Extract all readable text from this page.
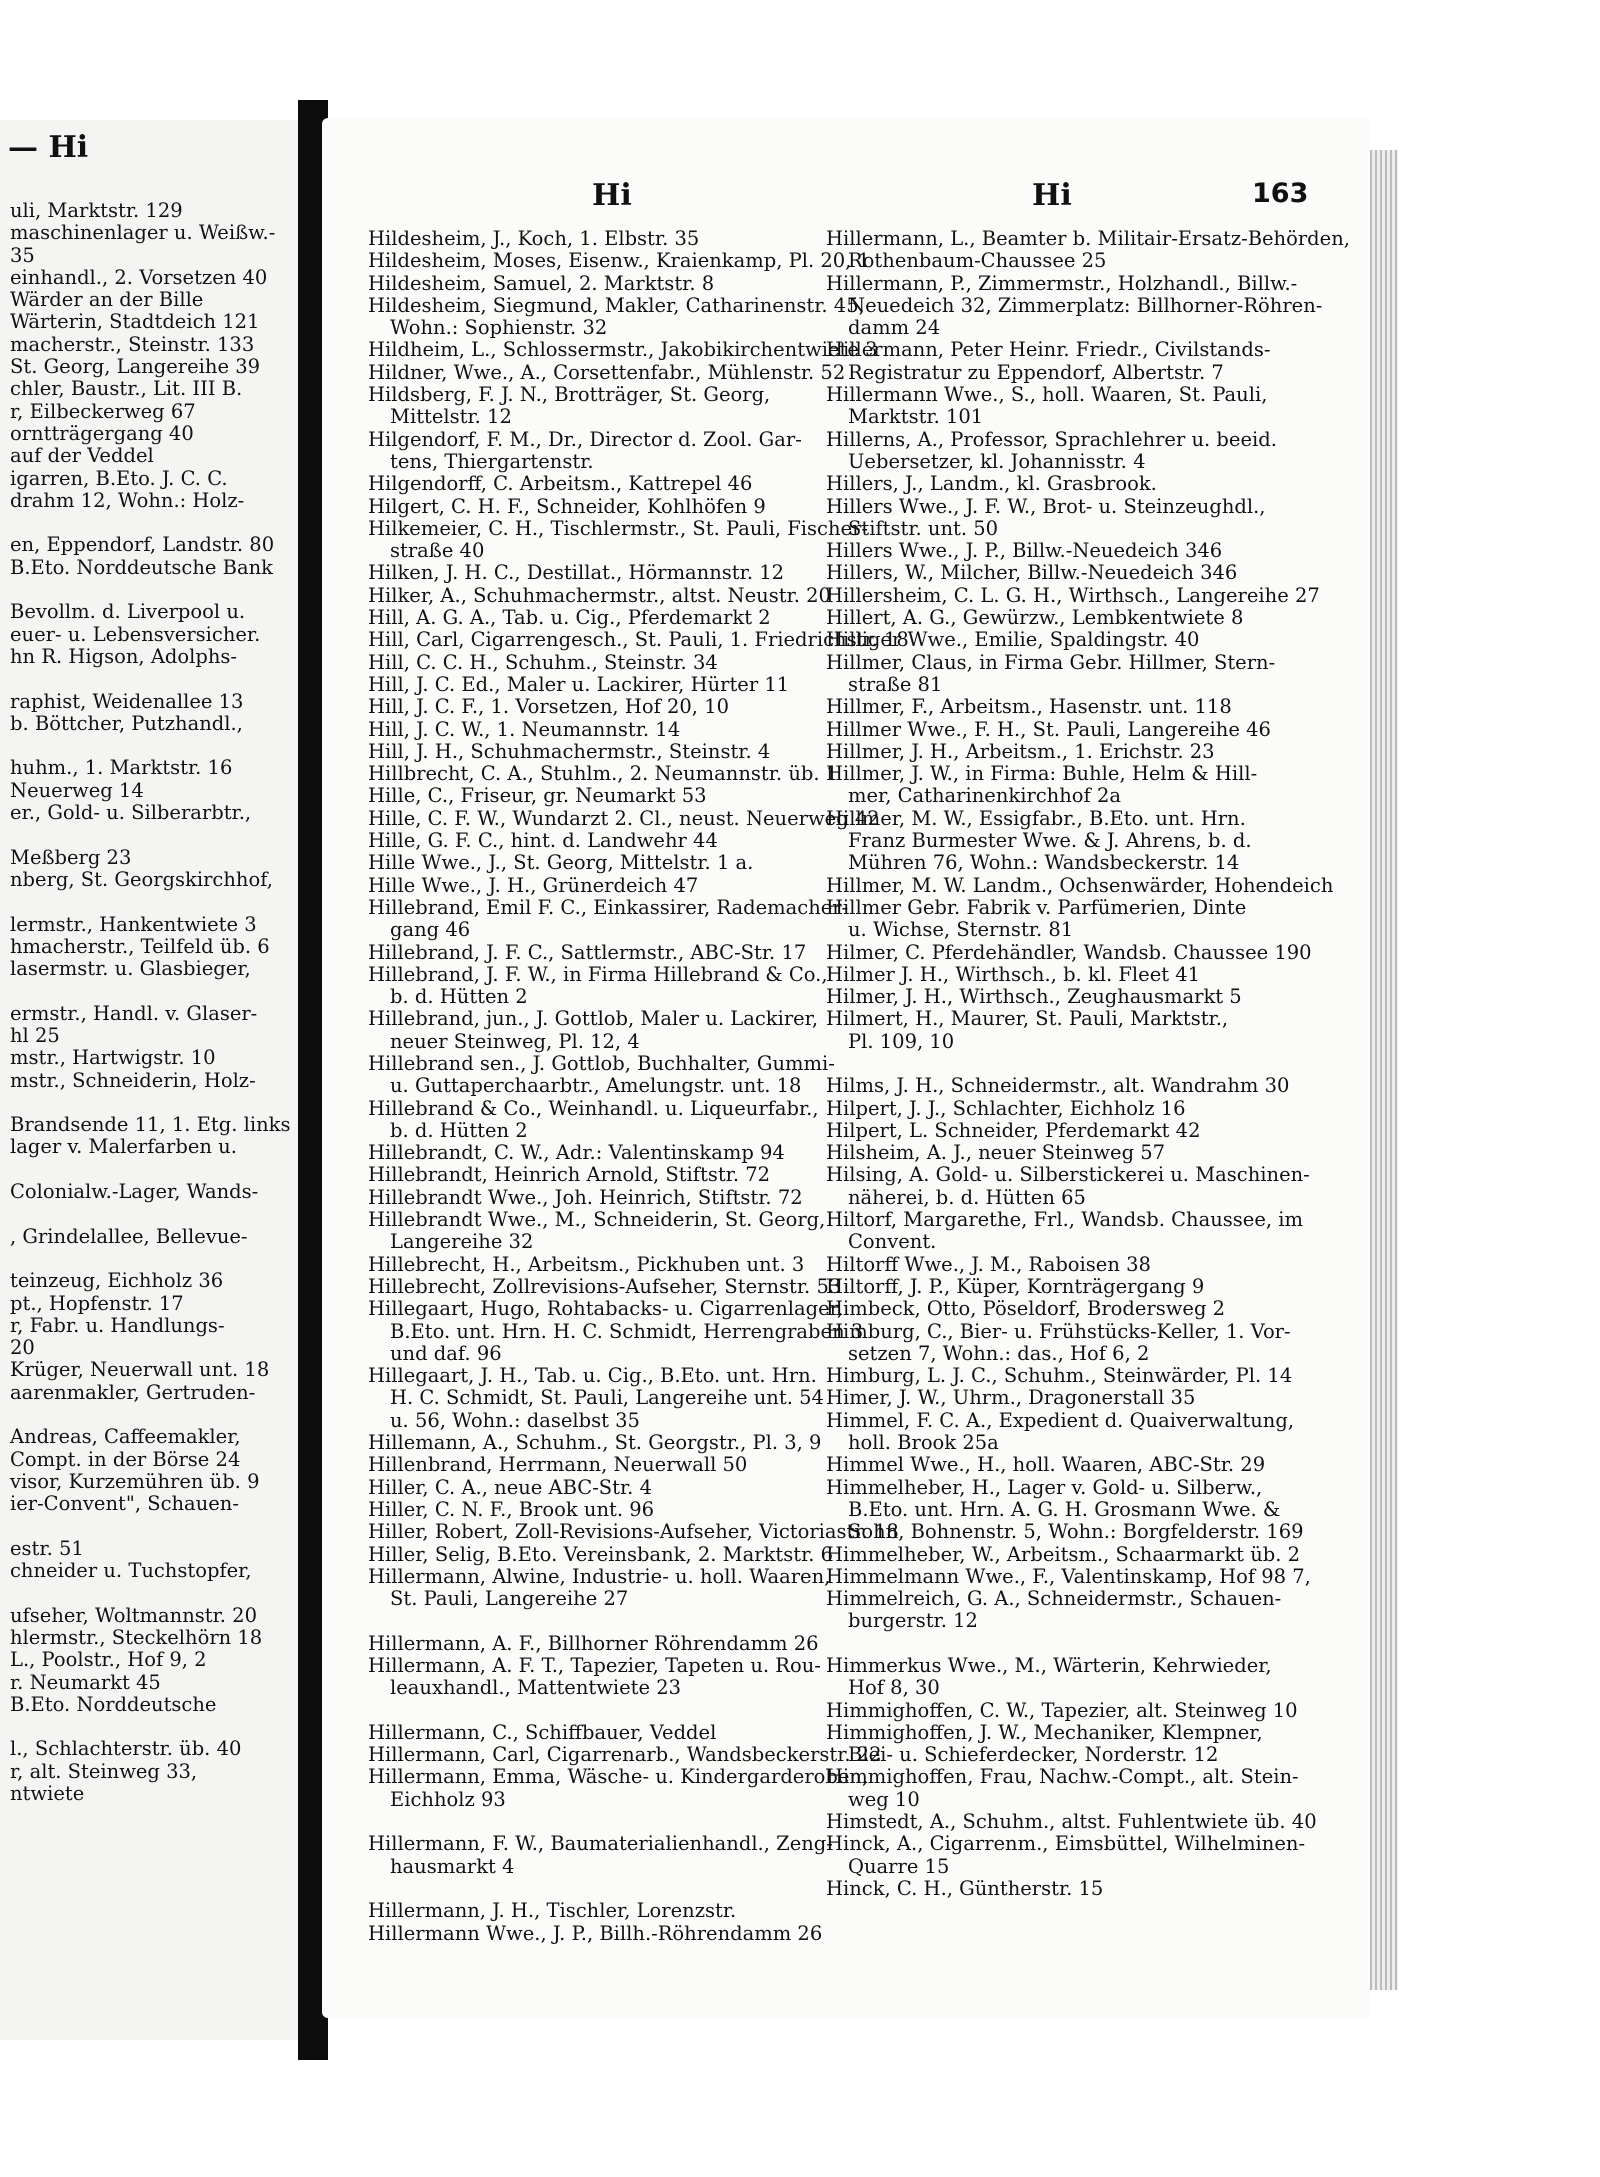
— Hi

uli, Marktstr. 129

maschinenlager u. Weißw.-

35

einhandl., 2. Vorsetzen 40

Wärder an der Bille

Wärterin, Stadtdeich 121

macherstr., Steinstr. 133

St. Georg, Langereihe 39

chler, Baustr., Lit. III B.

r, Eilbeckerweg 67

orntträgergang 40

auf der Veddel

igarren, B.Eto. J. C. C.

drahm 12, Wohn.: Holz-

en, Eppendorf, Landstr. 80

B.Eto. Norddeutsche Bank

Bevollm. d. Liverpool u.

euer- u. Lebensversicher.

hn R. Higson, Adolphs-

raphist, Weidenallee 13

b. Böttcher, Putzhandl.,

huhm., 1. Marktstr. 16

Neuerweg 14

er., Gold- u. Silberarbtr.,

Meßberg 23

nberg, St. Georgskirchhof,

lermstr., Hankentwiete 3

hmacherstr., Teilfeld üb. 6

lasermstr. u. Glasbieger,

ermstr., Handl. v. Glaser-

hl 25

mstr., Hartwigstr. 10

mstr., Schneiderin, Holz-

Brandsende 11, 1. Etg. links

lager v. Malerfarben u.

Colonialw.-Lager, Wands-

, Grindelallee, Bellevue-

teinzeug, Eichholz 36

pt., Hopfenstr. 17

r, Fabr. u. Handlungs-

20

Krüger, Neuerwall unt. 18

aarenmakler, Gertruden-

Andreas, Caffeemakler,

Compt. in der Börse 24

visor, Kurzemühren üb. 9

ier-Convent", Schauen-

estr. 51

chneider u. Tuchstopfer,

ufseher, Woltmannstr. 20

hlermstr., Steckelhörn 18

L., Poolstr., Hof 9, 2

r. Neumarkt 45

B.Eto. Norddeutsche

l., Schlachterstr. üb. 40

r, alt. Steinweg 33,

ntwiete

Hi	Hi	163

Hildesheim, J., Koch, 1. Elbstr. 35

Hildesheim, Moses, Eisenw., Kraienkamp, Pl. 20, 1

Hildesheim, Samuel, 2. Marktstr. 8

Hildesheim, Siegmund, Makler, Catharinenstr. 45,

Wohn.: Sophienstr. 32

Hildheim, L., Schlossermstr., Jakobikirchentwiete 3

Hildner, Wwe., A., Corsettenfabr., Mühlenstr. 52

Hildsberg, F. J. N., Brotträger, St. Georg,

Mittelstr. 12

Hilgendorf, F. M., Dr., Director d. Zool. Gar-

tens, Thiergartenstr.

Hilgendorff, C. Arbeitsm., Kattrepel 46

Hilgert, C. H. F., Schneider, Kohlhöfen 9

Hilkemeier, C. H., Tischlermstr., St. Pauli, Fischer-

straße 40

Hilken, J. H. C., Destillat., Hörmannstr. 12

Hilker, A., Schuhmachermstr., altst. Neustr. 20

Hill, A. G. A., Tab. u. Cig., Pferdemarkt 2

Hill, Carl, Cigarrengesch., St. Pauli, 1. Friedrichstr. 18

Hill, C. C. H., Schuhm., Steinstr. 34

Hill, J. C. Ed., Maler u. Lackirer, Hürter 11

Hill, J. C. F., 1. Vorsetzen, Hof 20, 10

Hill, J. C. W., 1. Neumannstr. 14

Hill, J. H., Schuhmachermstr., Steinstr. 4

Hillbrecht, C. A., Stuhlm., 2. Neumannstr. üb. 1

Hille, C., Friseur, gr. Neumarkt 53

Hille, C. F. W., Wundarzt 2. Cl., neust. Neuerweg 42

Hille, G. F. C., hint. d. Landwehr 44

Hille Wwe., J., St. Georg, Mittelstr. 1 a.

Hille Wwe., J. H., Grünerdeich 47

Hillebrand, Emil F. C., Einkassirer, Rademacher-

gang 46

Hillebrand, J. F. C., Sattlermstr., ABC-Str. 17

Hillebrand, J. F. W., in Firma Hillebrand & Co.,

b. d. Hütten 2

Hillebrand, jun., J. Gottlob, Maler u. Lackirer,

neuer Steinweg, Pl. 12, 4

Hillebrand sen., J. Gottlob, Buchhalter, Gummi-

u. Guttaperchaarbtr., Amelungstr. unt. 18

Hillebrand & Co., Weinhandl. u. Liqueurfabr.,

b. d. Hütten 2

Hillebrandt, C. W., Adr.: Valentinskamp 94

Hillebrandt, Heinrich Arnold, Stiftstr. 72

Hillebrandt Wwe., Joh. Heinrich, Stiftstr. 72

Hillebrandt Wwe., M., Schneiderin, St. Georg,

Langereihe 32

Hillebrecht, H., Arbeitsm., Pickhuben unt. 3

Hillebrecht, Zollrevisions-Aufseher, Sternstr. 53

Hillegaart, Hugo, Rohtabacks- u. Cigarrenlager,

B.Eto. unt. Hrn. H. C. Schmidt, Herrengraben 3

und daf. 96

Hillegaart, J. H., Tab. u. Cig., B.Eto. unt. Hrn.

H. C. Schmidt, St. Pauli, Langereihe unt. 54

u. 56, Wohn.: daselbst 35

Hillemann, A., Schuhm., St. Georgstr., Pl. 3, 9

Hillenbrand, Herrmann, Neuerwall 50

Hiller, C. A., neue ABC-Str. 4

Hiller, C. N. F., Brook unt. 96

Hiller, Robert, Zoll-Revisions-Aufseher, Victoriastr. 18

Hiller, Selig, B.Eto. Vereinsbank, 2. Marktstr. 6

Hillermann, Alwine, Industrie- u. holl. Waaren,

St. Pauli, Langereihe 27

Hillermann, A. F., Billhorner Röhrendamm 26

Hillermann, A. F. T., Tapezier, Tapeten u. Rou-

leauxhandl., Mattentwiete 23

Hillermann, C., Schiffbauer, Veddel

Hillermann, Carl, Cigarrenarb., Wandsbeckerstr. 22

Hillermann, Emma, Wäsche- u. Kindergarderoben,

Eichholz 93

Hillermann, F. W., Baumaterialienhandl., Zeng-

hausmarkt 4

Hillermann, J. H., Tischler, Lorenzstr.

Hillermann Wwe., J. P., Billh.-Röhrendamm 26

Hillermann, L., Beamter b. Militair-Ersatz-Behörden,

Rothenbaum-Chaussee 25

Hillermann, P., Zimmermstr., Holzhandl., Billw.-

Neuedeich 32, Zimmerplatz: Billhorner-Röhren-

damm 24

Hillermann, Peter Heinr. Friedr., Civilstands-

Registratur zu Eppendorf, Albertstr. 7

Hillermann Wwe., S., holl. Waaren, St. Pauli,

Marktstr. 101

Hillerns, A., Professor, Sprachlehrer u. beeid.

Uebersetzer, kl. Johannisstr. 4

Hillers, J., Landm., kl. Grasbrook.

Hillers Wwe., J. F. W., Brot- u. Steinzeughdl.,

Stiftstr. unt. 50

Hillers Wwe., J. P., Billw.-Neuedeich 346

Hillers, W., Milcher, Billw.-Neuedeich 346

Hillersheim, C. L. G. H., Wirthsch., Langereihe 27

Hillert, A. G., Gewürzw., Lembkentwiete 8

Hilliger Wwe., Emilie, Spaldingstr. 40

Hillmer, Claus, in Firma Gebr. Hillmer, Stern-

straße 81

Hillmer, F., Arbeitsm., Hasenstr. unt. 118

Hillmer Wwe., F. H., St. Pauli, Langereihe 46

Hillmer, J. H., Arbeitsm., 1. Erichstr. 23

Hillmer, J. W., in Firma: Buhle, Helm & Hill-

mer, Catharinenkirchhof 2a

Hillmer, M. W., Essigfabr., B.Eto. unt. Hrn.

Franz Burmester Wwe. & J. Ahrens, b. d.

Mühren 76, Wohn.: Wandsbeckerstr. 14

Hillmer, M. W. Landm., Ochsenwärder, Hohendeich

Hillmer Gebr. Fabrik v. Parfümerien, Dinte

u. Wichse, Sternstr. 81

Hilmer, C. Pferdehändler, Wandsb. Chaussee 190

Hilmer J. H., Wirthsch., b. kl. Fleet 41

Hilmer, J. H., Wirthsch., Zeughausmarkt 5

Hilmert, H., Maurer, St. Pauli, Marktstr.,

Pl. 109, 10

Hilms, J. H., Schneidermstr., alt. Wandrahm 30

Hilpert, J. J., Schlachter, Eichholz 16

Hilpert, L. Schneider, Pferdemarkt 42

Hilsheim, A. J., neuer Steinweg 57

Hilsing, A. Gold- u. Silberstickerei u. Maschinen-

näherei, b. d. Hütten 65

Hiltorf, Margarethe, Frl., Wandsb. Chaussee, im

Convent.

Hiltorff Wwe., J. M., Raboisen 38

Hiltorff, J. P., Küper, Kornträgergang 9

Himbeck, Otto, Pöseldorf, Brodersweg 2

Himburg, C., Bier- u. Frühstücks-Keller, 1. Vor-

setzen 7, Wohn.: das., Hof 6, 2

Himburg, L. J. C., Schuhm., Steinwärder, Pl. 14

Himer, J. W., Uhrm., Dragonerstall 35

Himmel, F. C. A., Expedient d. Quaiverwaltung,

holl. Brook 25a

Himmel Wwe., H., holl. Waaren, ABC-Str. 29

Himmelheber, H., Lager v. Gold- u. Silberw.,

B.Eto. unt. Hrn. A. G. H. Grosmann Wwe. &

Sohn, Bohnenstr. 5, Wohn.: Borgfelderstr. 169

Himmelheber, W., Arbeitsm., Schaarmarkt üb. 2

Himmelmann Wwe., F., Valentinskamp, Hof 98 7,

Himmelreich, G. A., Schneidermstr., Schauen-

burgerstr. 12

Himmerkus Wwe., M., Wärterin, Kehrwieder,

Hof 8, 30

Himmighoffen, C. W., Tapezier, alt. Steinweg 10

Himmighoffen, J. W., Mechaniker, Klempner,

Blei- u. Schieferdecker, Norderstr. 12

Himmighoffen, Frau, Nachw.-Compt., alt. Stein-

weg 10

Himstedt, A., Schuhm., altst. Fuhlentwiete üb. 40

Hinck, A., Cigarrenm., Eimsbüttel, Wilhelminen-

Quarre 15

Hinck, C. H., Güntherstr. 15
